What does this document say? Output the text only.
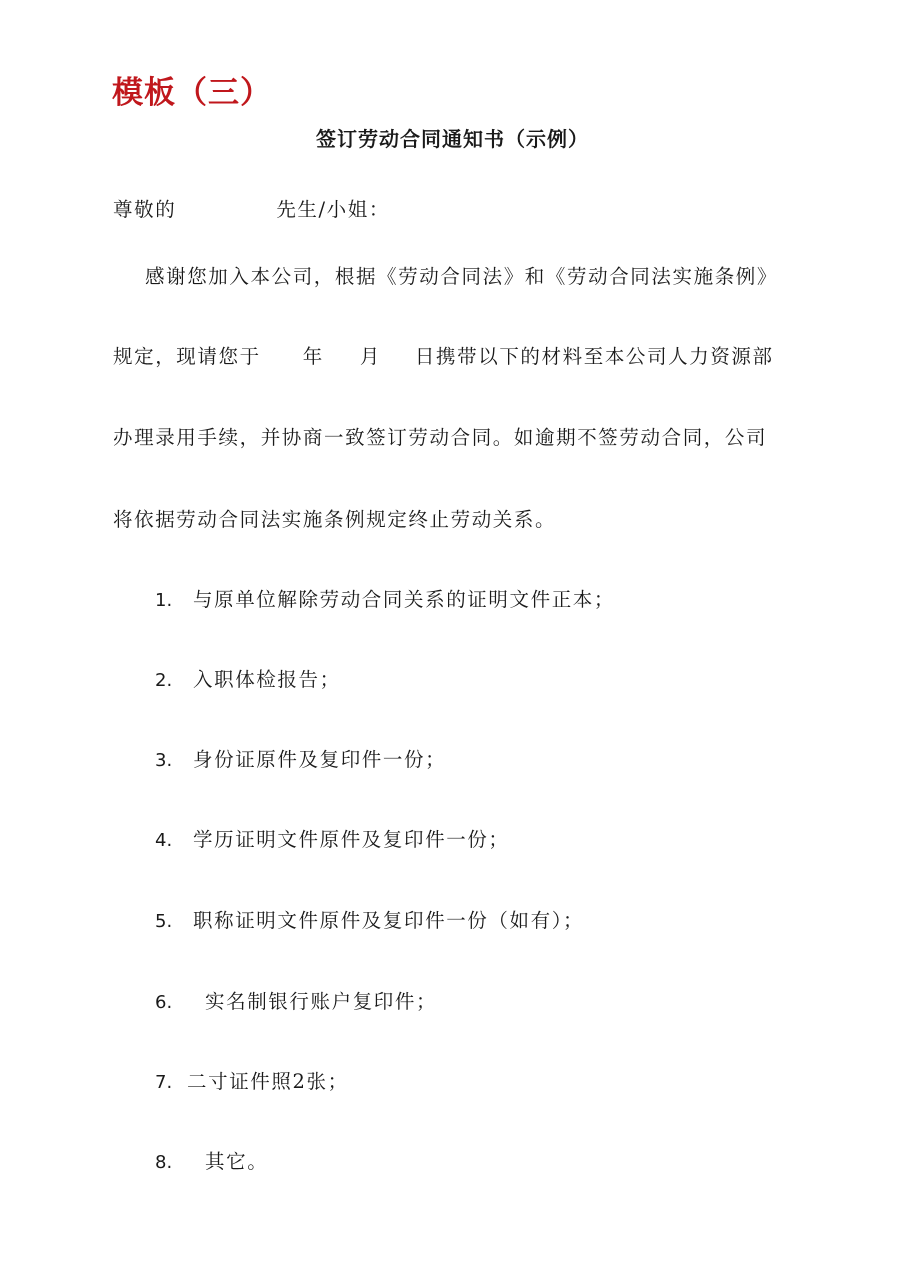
模板（三）
签订劳动合同通知书（示例）
尊敬的	先生/小姐：
感谢您加入本公司，根据《劳动合同法》和《劳动合同法实施条例》
规定，现请您于 年 月 日携带以下的材料至本公司人力资源部
办理录用手续，并协商一致签订劳动合同。如逾期不签劳动合同，公司
将依据劳动合同法实施条例规定终止劳动关系。
1. 与原单位解除劳动合同关系的证明文件正本；
2. 入职体检报告；
3. 身份证原件及复印件一份；
4. 学历证明文件原件及复印件一份；
5. 职称证明文件原件及复印件一份（如有）；
6. 实名制银行账户复印件；
7. 二寸证件照2张；
8. 其它。
